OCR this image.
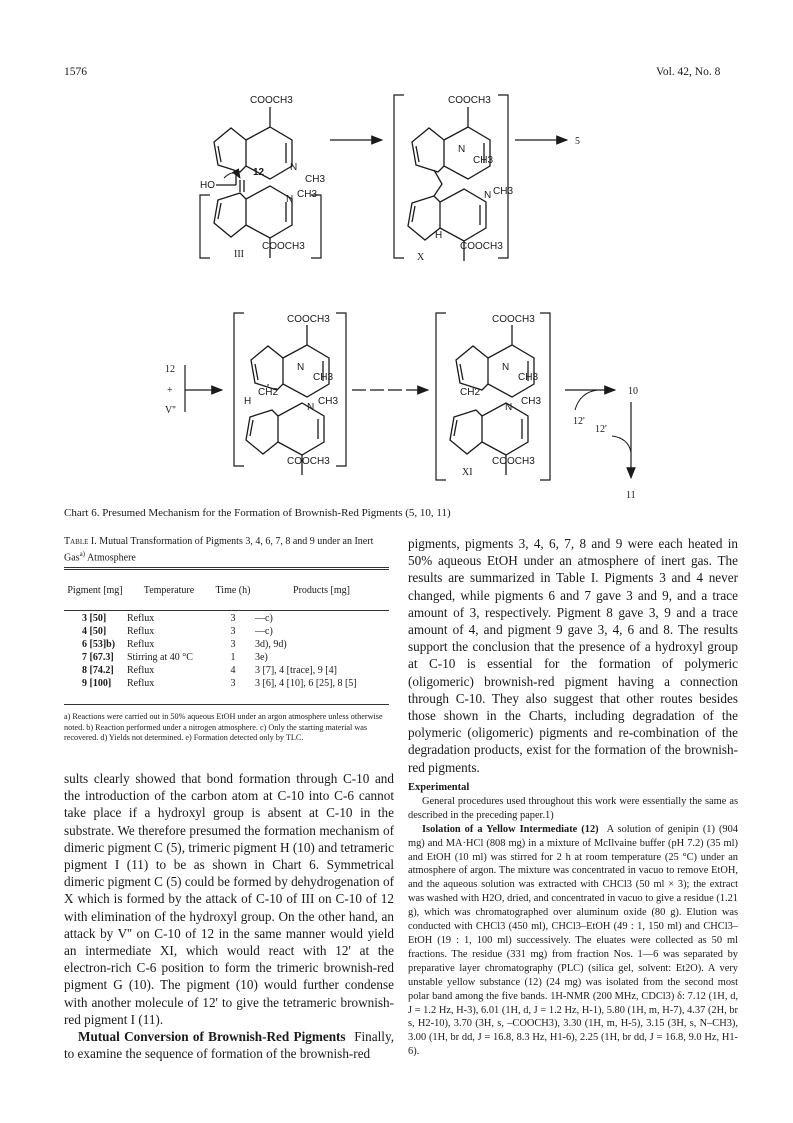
1576	Vol. 42, No. 8
COOCH3
N
CH3
HO
12
N CH3
COOCH3
III
COOCH3
N
CH3
N CH3
H
COOCH3
X
5
12
+
V''
COOCH3
N
CH3
CH2
H
N
CH3
COOCH3
COOCH3
N
CH3
CH2
N
CH3
COOCH3
XI
12'
10
12'
11
Chart 6. Presumed Mechanism for the Formation of Brownish-Red Pigments (5, 10, 11)
Table I. Mutual Transformation of Pigments 3, 4, 6, 7, 8 and 9 under an Inert Gas$^{a)}$ Atmosphere
Pigment [mg]	Temperature	Time (h)	Products [mg]
3 [50]	Reflux	3	—c)
4 [50]	Reflux	3	—c)
6 [53]b)	Reflux	3	3d), 9d)
7 [67.3]	Stirring at 40 °C	1	3e)
8 [74.2]	Reflux	4	3 [7], 4 [trace], 9 [4]
9 [100]	Reflux	3	3 [6], 4 [10], 6 [25], 8 [5]
a) Reactions were carried out in 50% aqueous EtOH under an argon atmosphere unless otherwise noted. b) Reaction performed under a nitrogen atmosphere. c) Only the starting material was recovered. d) Yields not determined. e) Formation detected only by TLC.
pigments, pigments 3, 4, 6, 7, 8 and 9 were each heated in 50% aqueous EtOH under an atmosphere of inert gas. The results are summarized in Table I. Pigments 3 and 4 never changed, while pigments 6 and 7 gave 3 and 9, and a trace amount of 3, respectively. Pigment 8 gave 3, 9 and a trace amount of 4, and pigment 9 gave 3, 4, 6 and 8. The results support the conclusion that the presence of a hydroxyl group at C-10 is essential for the formation of polymeric (oligomeric) brownish-red pigment having a connection through C-10. They also suggest that other routes besides those shown in the Charts, including degradation of the polymeric (oligomeric) pigments and re-combination of the degradation products, exist for the formation of the brownish-red pigments.

sults clearly showed that bond formation through C-10 and the introduction of the carbon atom at C-10 into C-6 cannot take place if a hydroxyl group is absent at C-10 in the substrate. We therefore presumed the formation mechanism of dimeric pigment C (5), trimeric pigment H (10) and tetrameric pigment I (11) to be as shown in Chart 6. Symmetrical dimeric pigment C (5) could be formed by dehydrogenation of X which is formed by the attack of C-10 of III on C-10 of 12 with elimination of the hydroxyl group. On the other hand, an attack by V'' on C-10 of 12 in the same manner would yield an intermediate XI, which would react with 12' at the electron-rich C-6 position to form the trimeric brownish-red pigment G (10). The pigment (10) would further condense with another molecule of 12' to give the tetrameric brownish-red pigment I (11).

Mutual Conversion of Brownish-Red Pigments Finally, to examine the sequence of formation of the brownish-red

Experimental

General procedures used throughout this work were essentially the same as described in the preceding paper.1)

Isolation of a Yellow Intermediate (12) A solution of genipin (1) (904 mg) and MA·HCl (808 mg) in a mixture of McIlvaine buffer (pH 7.2) (35 ml) and EtOH (10 ml) was stirred for 2 h at room temperature (25 °C) under an atmosphere of argon. The mixture was concentrated in vacuo to remove EtOH, and the aqueous solution was extracted with CHCl3 (50 ml × 3); the extract was washed with H2O, dried, and concentrated in vacuo to give a residue (1.21 g), which was chromatographed over aluminum oxide (80 g). Elution was conducted with CHCl3 (450 ml), CHCl3–EtOH (49 : 1, 150 ml) and CHCl3–EtOH (19 : 1, 100 ml) successively. The eluates were collected as 50 ml fractions. The residue (331 mg) from fraction Nos. 1—6 was separated by preparative layer chromatography (PLC) (silica gel, solvent: Et2O). A very unstable yellow substance (12) (24 mg) was isolated from the second most polar band among the five bands. 1H-NMR (200 MHz, CDCl3) δ: 7.12 (1H, d, J = 1.2 Hz, H-3), 6.01 (1H, d, J = 1.2 Hz, H-1), 5.80 (1H, m, H-7), 4.37 (2H, br s, H2-10), 3.70 (3H, s, –COOCH3), 3.30 (1H, m, H-5), 3.15 (3H, s, N–CH3), 3.00 (1H, br dd, J = 16.8, 8.3 Hz, H1-6), 2.25 (1H, br dd, J = 16.8, 9.0 Hz, H1-6).
